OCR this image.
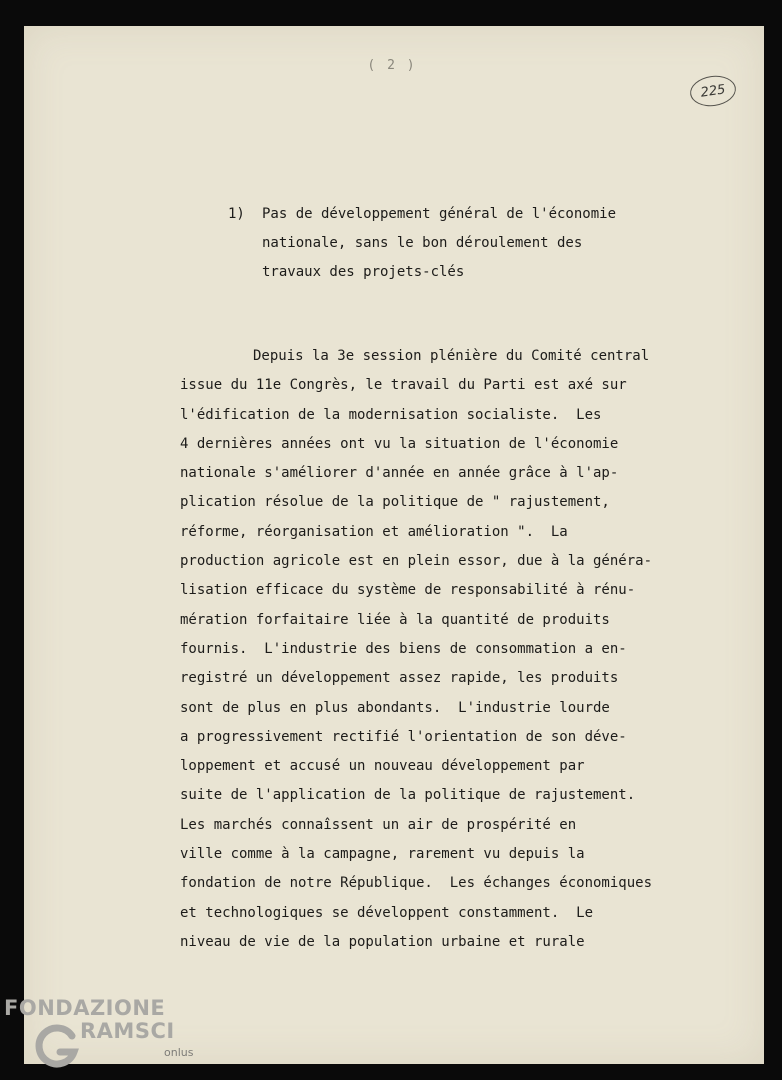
( 2 )
225
1) Pas de développement général de l'économie
nationale, sans le bon déroulement des
travaux des projets-clés
Depuis la 3e session plénière du Comité central
issue du 11e Congrès, le travail du Parti est axé sur
l'édification de la modernisation socialiste.  Les
4 dernières années ont vu la situation de l'économie
nationale s'améliorer d'année en année grâce à l'ap-
plication résolue de la politique de " rajustement,
réforme, réorganisation et amélioration ".  La
production agricole est en plein essor, due à la généra-
lisation efficace du système de responsabilité à rénu-
mération forfaitaire liée à la quantité de produits
fournis.  L'industrie des biens de consommation a en-
registré un développement assez rapide, les produits
sont de plus en plus abondants.  L'industrie lourde
a progressivement rectifié l'orientation de son déve-
loppement et accusé un nouveau développement par
suite de l'application de la politique de rajustement.
Les marchés connaîssent un air de prospérité en
ville comme à la campagne, rarement vu depuis la
fondation de notre République.  Les échanges économiques
et technologiques se développent constamment.  Le
niveau de vie de la population urbaine et rurale
FONDAZIONE
RAMSCI
onlus
